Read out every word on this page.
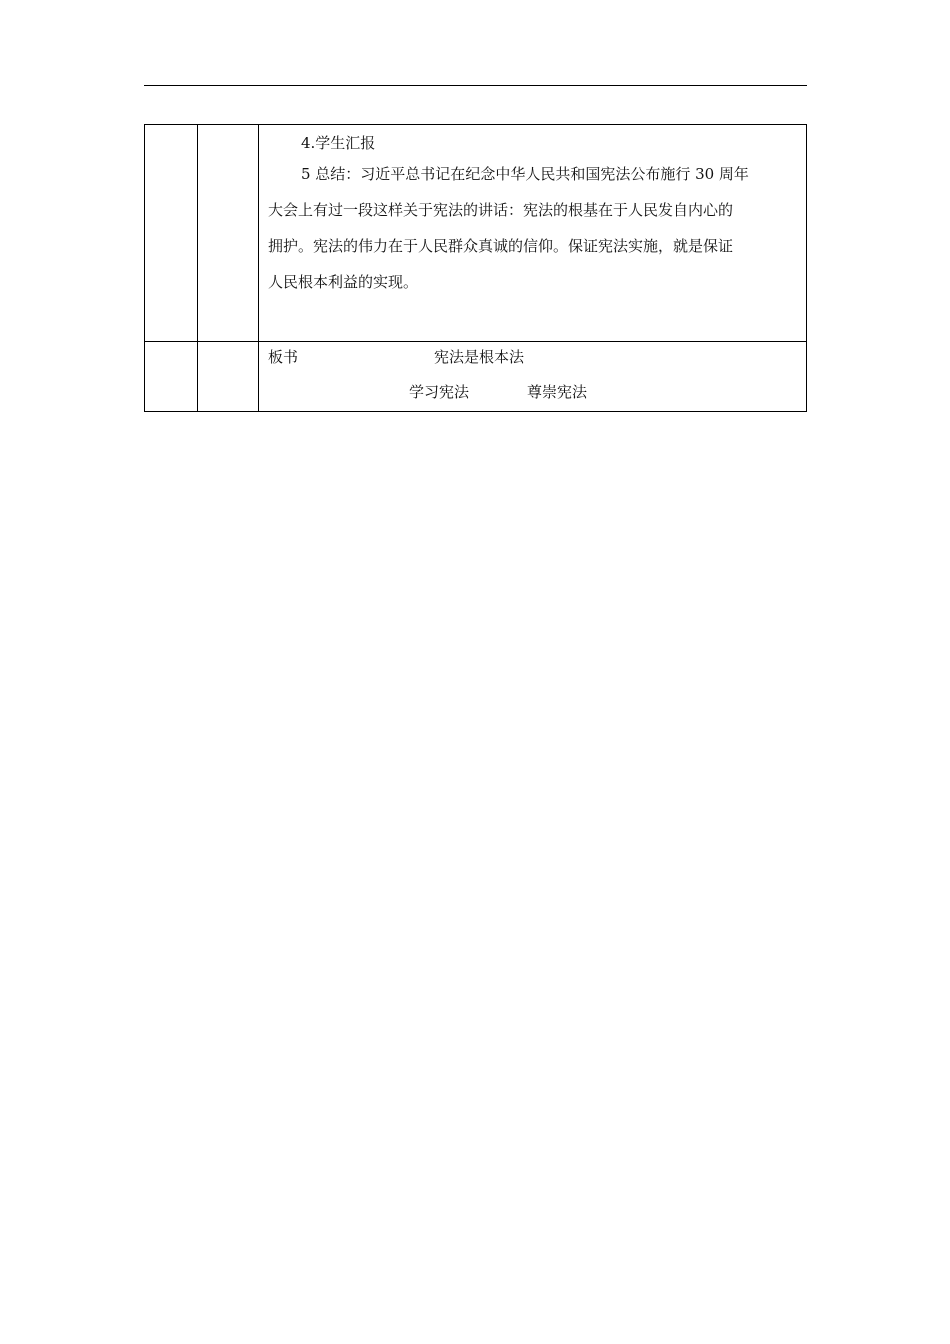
		4.学生汇报
5 总结：习近平总书记在纪念中华人民共和国宪法公布施行 30 周年
大会上有过一段这样关于宪法的讲话：宪法的根基在于人民发自内心的
拥护。宪法的伟力在于人民群众真诚的信仰。保证宪法实施，就是保证
人民根本利益的实现。

		板书 宪法是根本法
学习宪法 尊崇宪法
